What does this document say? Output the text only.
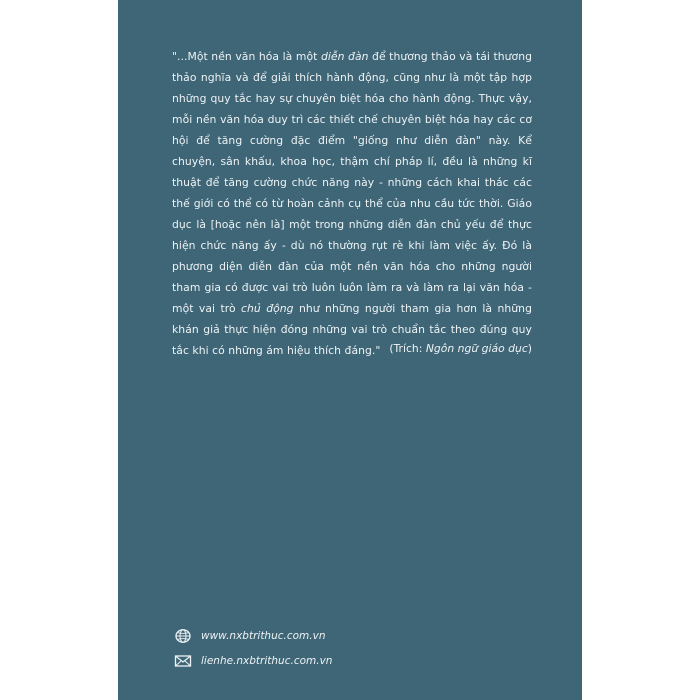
"...Một nền văn hóa là một diễn đàn để thương thảo và tái thương thảo nghĩa và để giải thích hành động, cũng như là một tập hợp những quy tắc hay sự chuyên biệt hóa cho hành động. Thực vậy, mỗi nền văn hóa duy trì các thiết chế chuyên biệt hóa hay các cơ hội để tăng cường đặc điểm "giống như diễn đàn" này. Kể chuyện, sân khấu, khoa học, thậm chí pháp lí, đều là những kĩ thuật để tăng cường chức năng này - những cách khai thác các thế giới có thể có từ hoàn cảnh cụ thể của nhu cầu tức thời. Giáo dục là [hoặc nên là] một trong những diễn đàn chủ yếu để thực hiện chức năng ấy - dù nó thường rụt rè khi làm việc ấy. Đó là phương diện diễn đàn của một nền văn hóa cho những người tham gia có được vai trò luôn luôn làm ra và làm ra lại văn hóa - một vai trò chủ động như những người tham gia hơn là những khán giả thực hiện đóng những vai trò chuẩn tắc theo đúng quy tắc khi có những ám hiệu thích đáng." (Trích: Ngôn ngữ giáo dục)

www.nxbtrithuc.com.vn
lienhe.nxbtrithuc.com.vn
